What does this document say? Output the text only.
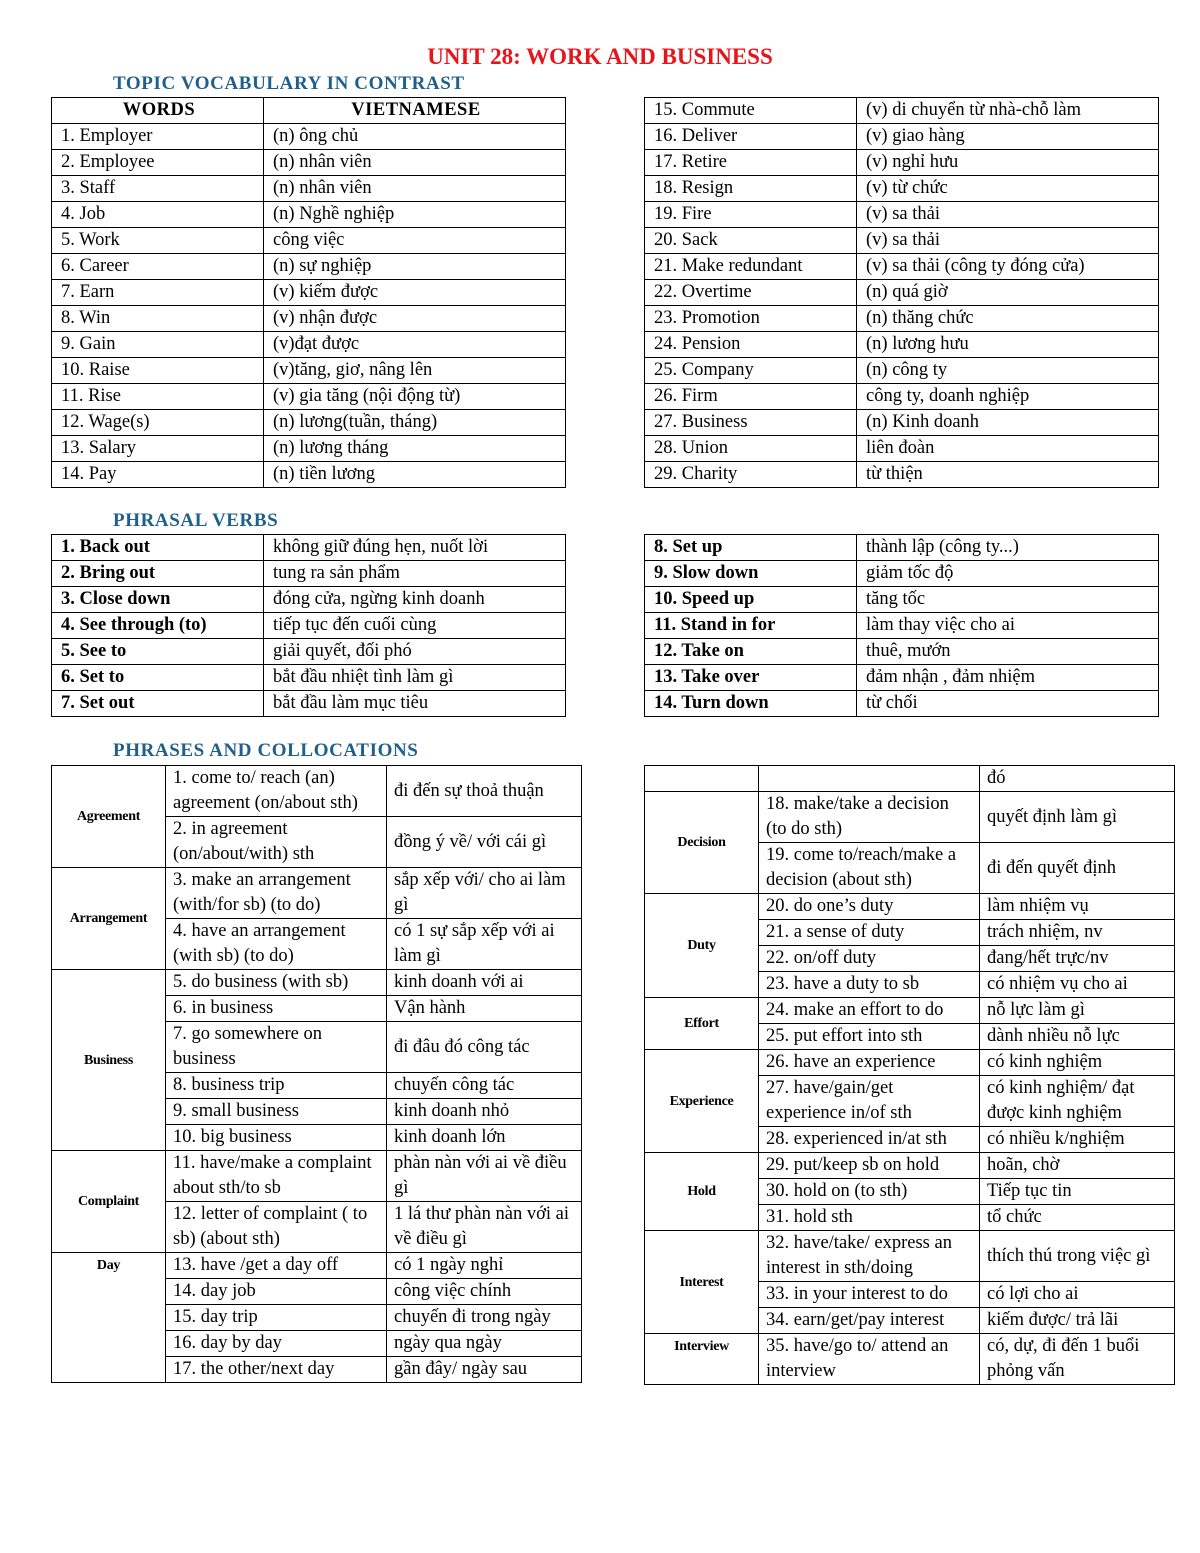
UNIT 28: WORK AND BUSINESS
TOPIC VOCABULARY IN CONTRAST
WORDS	VIETNAMESE
1. Employer	(n) ông chủ
2. Employee	(n) nhân viên
3. Staff	(n) nhân viên
4. Job	(n) Nghề nghiệp
5. Work	công việc
6. Career	(n) sự nghiệp
7. Earn	(v) kiếm được
8. Win	(v) nhận được
9. Gain	(v)đạt được
10. Raise	(v)tăng, giơ, nâng lên
11. Rise	(v) gia tăng (nội động từ)
12. Wage(s)	(n) lương(tuần, tháng)
13. Salary	(n) lương tháng
14. Pay	(n) tiền lương
15. Commute	(v) di chuyển từ nhà-chỗ làm
16. Deliver	(v) giao hàng
17. Retire	(v) nghỉ hưu
18. Resign	(v) từ chức
19. Fire	(v) sa thải
20. Sack	(v) sa thải
21. Make redundant	(v) sa thải (công ty đóng cửa)
22. Overtime	(n) quá giờ
23. Promotion	(n) thăng chức
24. Pension	(n) lương hưu
25. Company	(n) công ty
26. Firm	công ty, doanh nghiệp
27. Business	(n) Kinh doanh
28. Union	liên đoàn
29. Charity	từ thiện
PHRASAL VERBS
1. Back out	không giữ đúng hẹn, nuốt lời
2. Bring out	tung ra sản phẩm
3. Close down	đóng cửa, ngừng kinh doanh
4. See through (to)	tiếp tục đến cuối cùng
5. See to	giải quyết, đối phó
6. Set to	bắt đầu nhiệt tình làm gì
7. Set out	bắt đầu làm mục tiêu
8. Set up	thành lập (công ty...)
9. Slow down	giảm tốc độ
10. Speed up	tăng tốc
11. Stand in for	làm thay việc cho ai
12. Take on	thuê, mướn
13. Take over	đảm nhận , đảm nhiệm
14. Turn down	từ chối
PHRASES AND COLLOCATIONS
Agreement	1. come to/ reach (an) agreement (on/about sth)	đi đến sự thoả thuận
	2. in agreement (on/about/with) sth	đồng ý về/ với cái gì
Arrangement	3. make an arrangement (with/for sb) (to do)	sắp xếp với/ cho ai làm gì
	4. have an arrangement (with sb) (to do)	có 1 sự sắp xếp với ai làm gì
Business	5. do business (with sb)	kinh doanh với ai
	6. in business	Vận hành
	7. go somewhere on business	đi đâu đó công tác
	8. business trip	chuyến công tác
	9. small business	kinh doanh nhỏ
	10. big business	kinh doanh lớn
Complaint	11. have/make a complaint about sth/to sb	phàn nàn với ai về điều gì
	12. letter of complaint ( to sb) (about sth)	1 lá thư phàn nàn với ai về điều gì
Day	13. have /get a day off	có 1 ngày nghỉ
	14. day job	công việc chính
	15. day trip	chuyến đi trong ngày
	16. day by day	ngày qua ngày
	17. the other/next day	gần đây/ ngày sau
		đó
Decision	18. make/take a decision (to do sth)	quyết định làm gì
	19. come to/reach/make a decision (about sth)	đi đến quyết định
Duty	20. do one’s duty	làm nhiệm vụ
	21. a sense of duty	trách nhiệm, nv
	22. on/off duty	đang/hết trực/nv
	23. have a duty to sb	có nhiệm vụ cho ai
Effort	24. make an effort to do	nỗ lực làm gì
	25. put effort into sth	dành nhiều nỗ lực
Experience	26. have an experience	có kinh nghiệm
	27. have/gain/get experience in/of sth	có kinh nghiệm/ đạt được kinh nghiệm
	28. experienced in/at sth	có nhiều k/nghiệm
Hold	29. put/keep sb on hold	hoãn, chờ
	30. hold on (to sth)	Tiếp tục tin
	31. hold sth	tổ chức
Interest	32. have/take/ express an interest in sth/doing	thích thú trong việc gì
	33. in your interest to do	có lợi cho ai
	34. earn/get/pay interest	kiếm được/ trả lãi
Interview	35. have/go to/ attend an interview	có, dự, đi đến 1 buổi phỏng vấn
